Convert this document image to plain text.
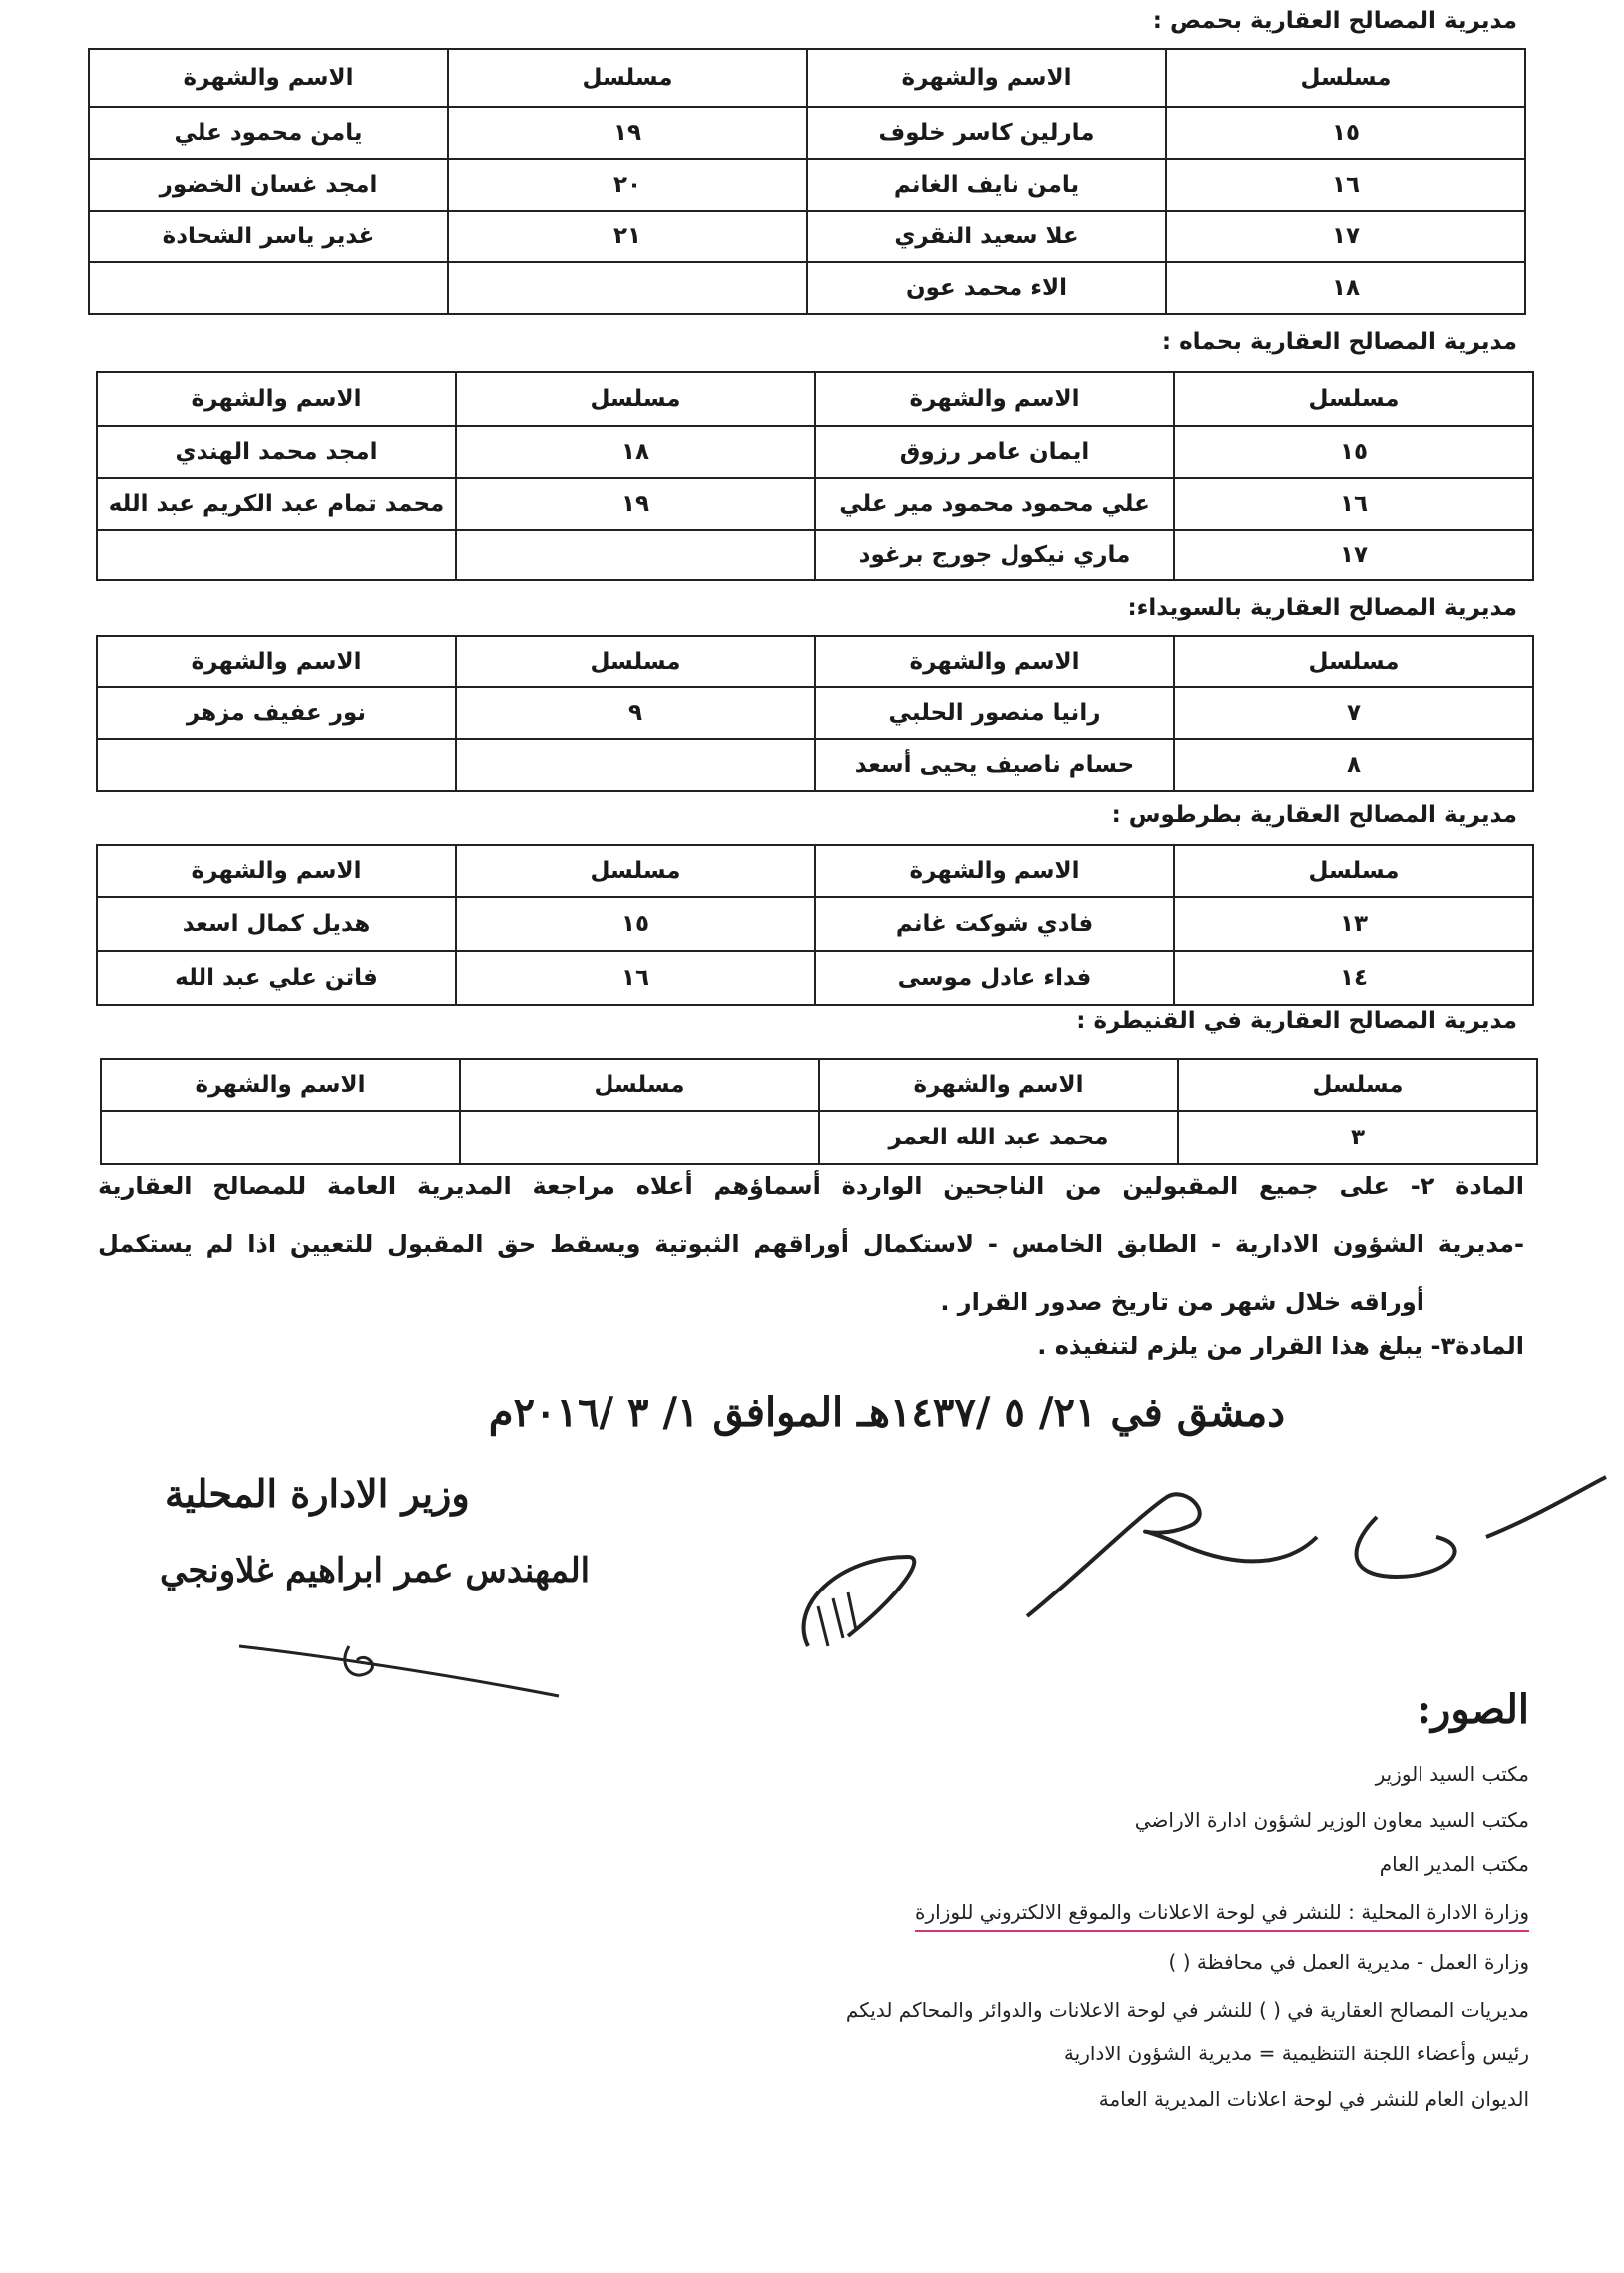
مديرية المصالح العقارية بحمص :
مسلسل	الاسم والشهرة	مسلسل	الاسم والشهرة
١٥	مارلين كاسر خلوف	١٩	يامن محمود علي
١٦	يامن نايف الغانم	٢٠	امجد غسان الخضور
١٧	علا سعيد النقري	٢١	غدير ياسر الشحادة
١٨	الاء محمد عون		
مديرية المصالح العقارية بحماه :
مسلسل	الاسم والشهرة	مسلسل	الاسم والشهرة
١٥	ايمان عامر رزوق	١٨	امجد محمد الهندي
١٦	علي محمود محمود مير علي	١٩	محمد تمام عبد الكريم عبد الله
١٧	ماري نيكول جورج برغود		
مديرية المصالح العقارية بالسويداء:
مسلسل	الاسم والشهرة	مسلسل	الاسم والشهرة
٧	رانيا منصور الحلبي	٩	نور عفيف مزهر
٨	حسام ناصيف يحيى أسعد		
مديرية المصالح العقارية بطرطوس :
مسلسل	الاسم والشهرة	مسلسل	الاسم والشهرة
١٣	فادي شوكت غانم	١٥	هديل كمال اسعد
١٤	فداء عادل موسى	١٦	فاتن علي عبد الله
مديرية المصالح العقارية في القنيطرة :
مسلسل	الاسم والشهرة	مسلسل	الاسم والشهرة
٣	محمد عبد الله العمر		
المادة ٢- على جميع المقبولين من الناجحين الواردة أسماؤهم أعلاه مراجعة المديرية العامة للمصالح العقارية
-مديرية الشؤون الادارية - الطابق الخامس - لاستكمال أوراقهم الثبوتية ويسقط حق المقبول للتعيين اذا لم يستكمل
أوراقه خلال شهر من تاريخ صدور القرار .
المادة٣- يبلغ هذا القرار من يلزم لتنفيذه .
دمشق في ٢١/ ٥ /١٤٣٧هـ الموافق ١/ ٣ /٢٠١٦م
وزير الادارة المحلية
المهندس عمر ابراهيم غلاونجي
الصور:
مكتب السيد الوزير
مكتب السيد معاون الوزير لشؤون ادارة الاراضي
مكتب المدير العام
وزارة الادارة المحلية : للنشر في لوحة الاعلانات والموقع الالكتروني للوزارة
وزارة العمل - مديرية العمل في محافظة ( )
مديريات المصالح العقارية في ( ) للنشر في لوحة الاعلانات والدوائر والمحاكم لديكم
رئيس وأعضاء اللجنة التنظيمية = مديرية الشؤون الادارية
الديوان العام للنشر في لوحة اعلانات المديرية العامة
